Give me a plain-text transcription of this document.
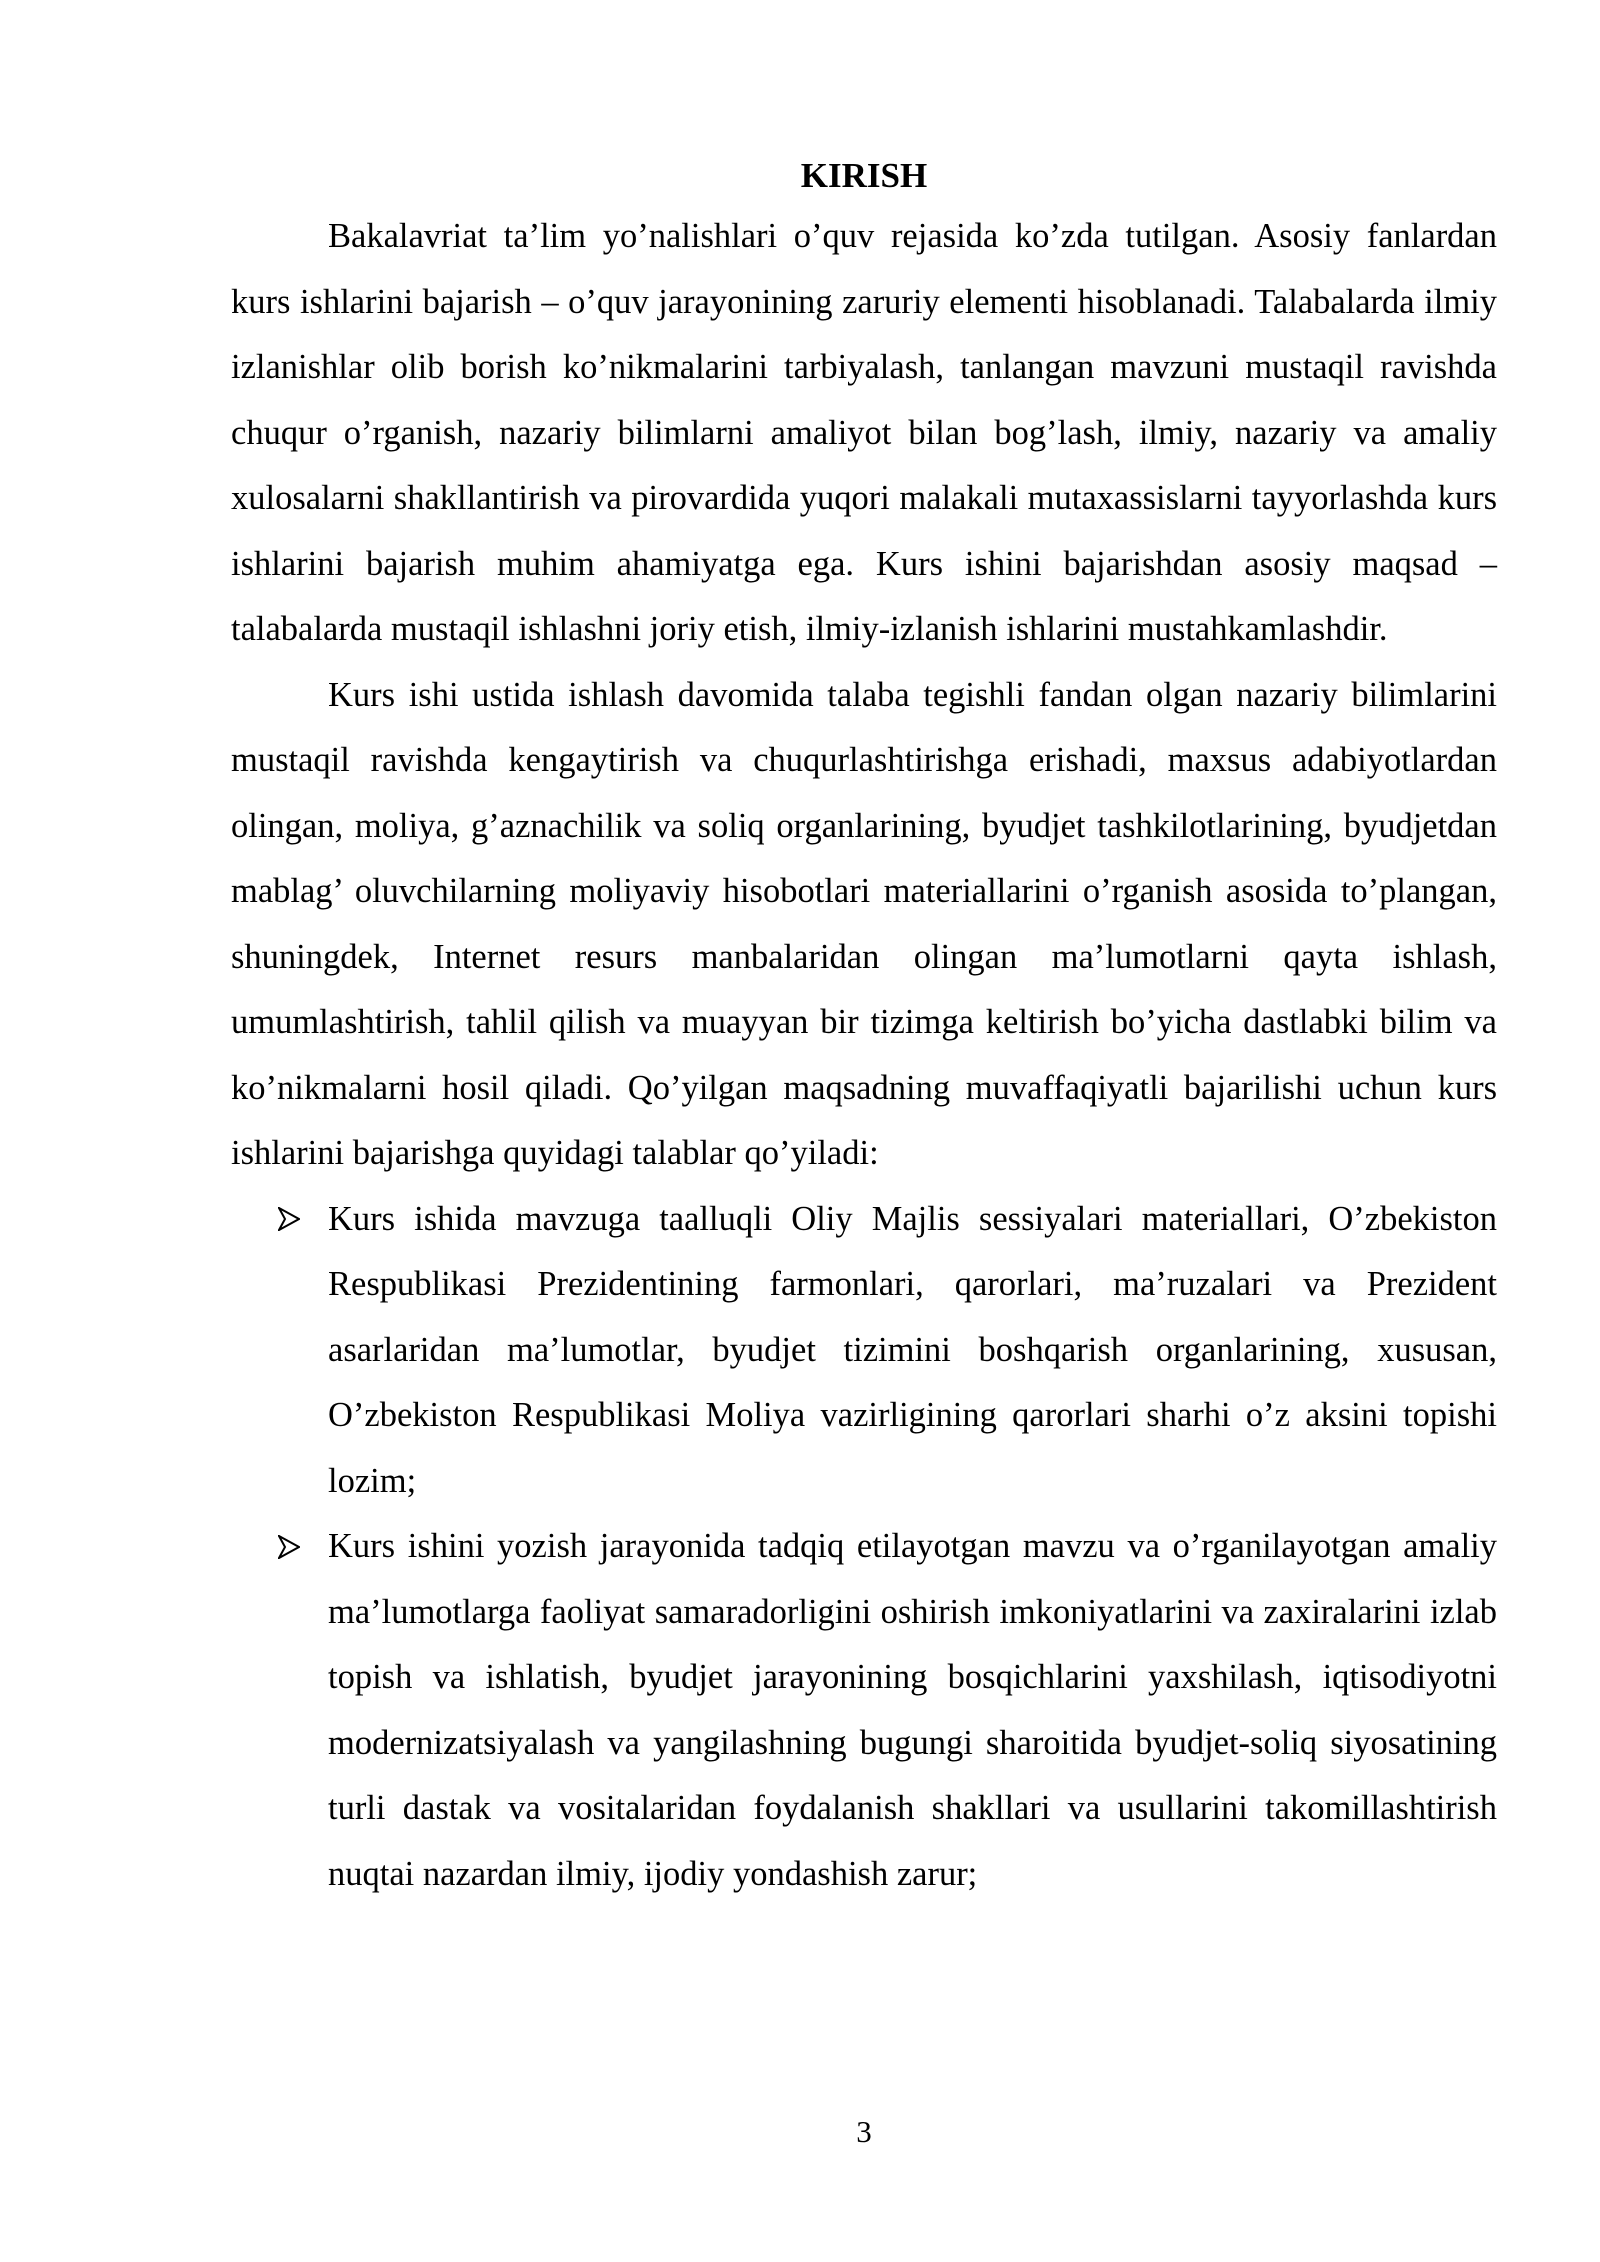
KIRISH

Bakalavriat ta’lim yo’nalishlari o’quv rejasida ko’zda tutilgan. Asosiy fanlardan kurs ishlarini bajarish – o’quv jarayonining zaruriy elementi hisoblanadi. Talabalarda ilmiy izlanishlar olib borish ko’nikmalarini tarbiyalash, tanlangan mavzuni mustaqil ravishda chuqur o’rganish, nazariy bilimlarni amaliyot bilan bog’lash, ilmiy, nazariy va amaliy xulosalarni shakllantirish va pirovardida yuqori malakali mutaxassislarni tayyorlashda kurs ishlarini bajarish muhim ahamiyatga ega. Kurs ishini bajarishdan asosiy maqsad – talabalarda mustaqil ishlashni joriy etish, ilmiy-izlanish ishlarini mustahkamlashdir.

Kurs ishi ustida ishlash davomida talaba tegishli fandan olgan nazariy bilimlarini mustaqil ravishda kengaytirish va chuqurlashtirishga erishadi, maxsus adabiyotlardan olingan, moliya, g’aznachilik va soliq organlarining, byudjet tashkilotlarining, byudjetdan mablag’ oluvchilarning moliyaviy hisobotlari materiallarini o’rganish asosida to’plangan, shuningdek, Internet resurs manbalaridan olingan ma’lumotlarni qayta ishlash, umumlashtirish, tahlil qilish va muayyan bir tizimga keltirish bo’yicha dastlabki bilim va ko’nikmalarni hosil qiladi. Qo’yilgan maqsadning muvaffaqiyatli bajarilishi uchun kurs ishlarini bajarishga quyidagi talablar qo’yiladi:

Kurs ishida mavzuga taalluqli Oliy Majlis sessiyalari materiallari, O’zbekiston Respublikasi Prezidentining farmonlari, qarorlari, ma’ruzalari va Prezident asarlaridan ma’lumotlar, byudjet tizimini boshqarish organlarining, xususan, O’zbekiston Respublikasi Moliya vazirligining qarorlari sharhi o’z aksini topishi lozim;
Kurs ishini yozish jarayonida tadqiq etilayotgan mavzu va o’rganilayotgan amaliy ma’lumotlarga faoliyat samaradorligini oshirish imkoniyatlarini va zaxiralarini izlab topish va ishlatish, byudjet jarayonining bosqichlarini yaxshilash, iqtisodiyotni modernizatsiyalash va yangilashning bugungi sharoitida byudjet-soliq siyosatining turli dastak va vositalaridan foydalanish shakllari va usullarini takomillashtirish nuqtai nazardan ilmiy, ijodiy yondashish zarur;
3
